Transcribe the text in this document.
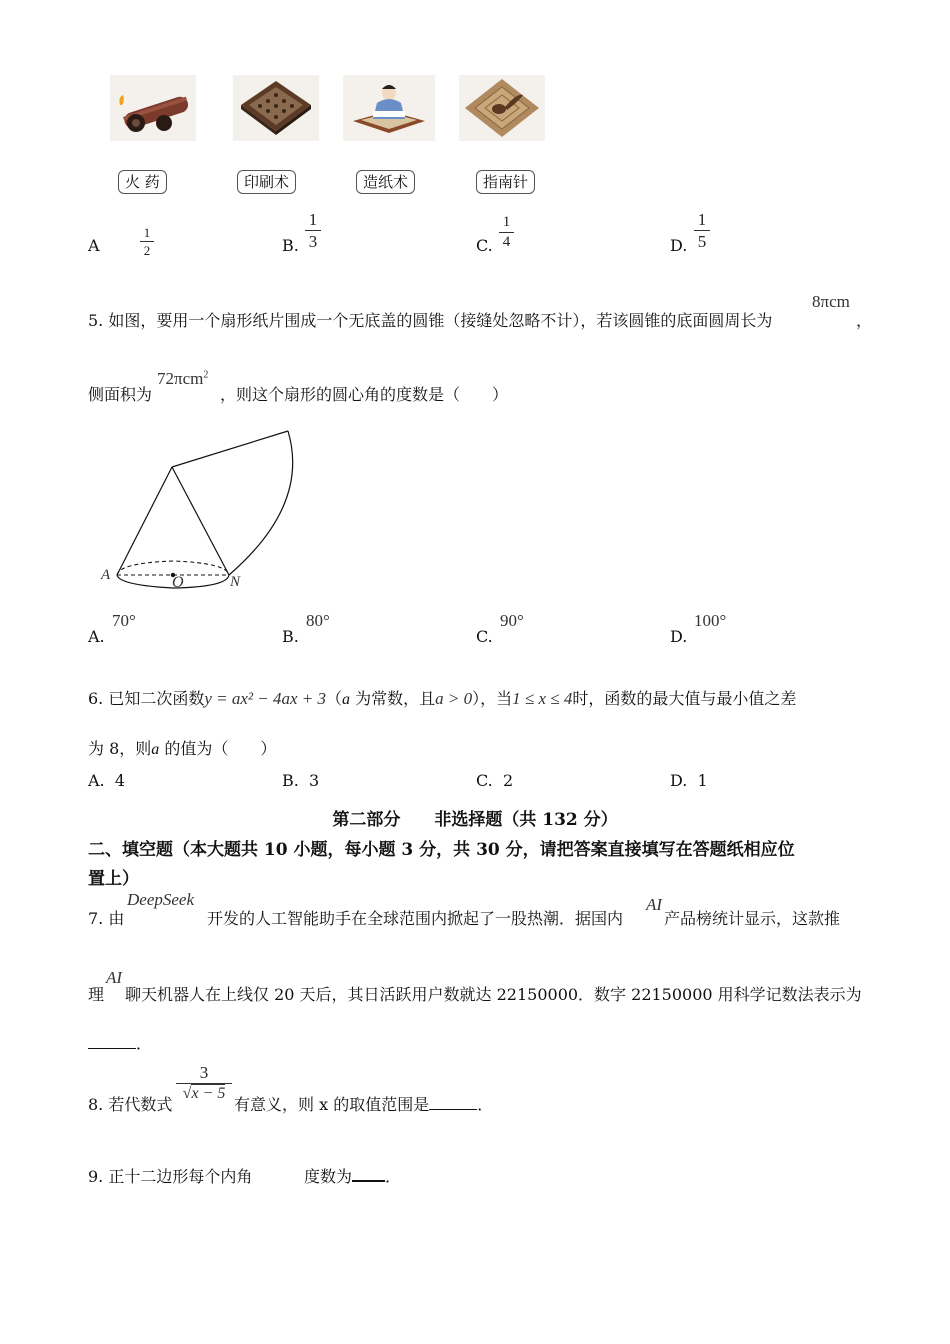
火 药	印刷术	造纸术	指南针
A
1
2	B.
1
3	C.
1
4	D.
1
5
5. 如图，要用一个扇形纸片围成一个无底盖的圆锥（接缝处忽略不计），若该圆锥的底面圆周长为
8πcm
，
侧面积为
72πcm$^2$
，则这个扇形的圆心角的度数是（　　）
A	O	N
A.
70°
B.
80°
C.
90°
D.
100°
6. 已知二次函数y = ax² − 4ax + 3（a 为常数，且a > 0），当1 ≤ x ≤ 4时，函数的最大值与最小值之差
为 8，则a 的值为（　　）
A. 4	B. 3	C. 2	D. 1
第二部分　　非选择题（共 132 分）
二、填空题（本大题共 10 小题，每小题 3 分，共 30 分，请把答案直接填写在答题纸相应位
置上）
7. 由
DeepSeek
开发的人工智能助手在全球范围内掀起了一股热潮．据国内
AI
产品榜统计显示，这款推
理
AI
聊天机器人在上线仅 20 天后，其日活跃用户数就达 22150000．数字 22150000 用科学记数法表示为
．
8. 若代数式
3
√x − 5
有意义，则 x 的取值范围是	．
9. 正十二边形每个内角	度数为 ．
